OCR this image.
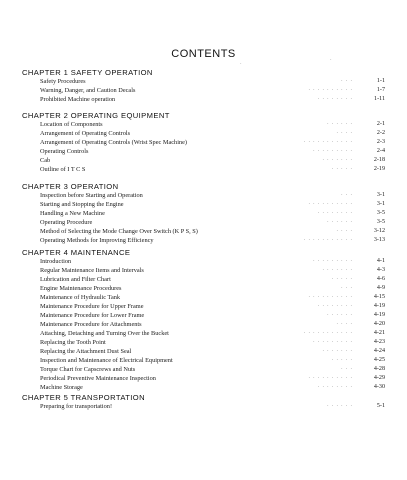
CONTENTS
·
·
CHAPTER 1 SAFETY OPERATION
Safety Procedures	1-1
···
Warning, Danger, and Caution Decals	1-7
··········
Prohibited Machine operation	1-11
········
CHAPTER 2 OPERATING EQUIPMENT
Location of Components	2-1
······
Arrangement of Operating Controls	2-2
····
Arrangement of Operating Controls (Wrist Spec Machine)	2-3
···········
Operating Controls	2-4
·········
Cab	2-18
·······
Outline of I T C S	2-19
·····
CHAPTER 3 OPERATION
Inspection before Starting and Operation	3-1
···
Starting and Stopping the Engine	3-1
··········
Handling a New Machine	3-5
········
Operating Procedure	3-5
······
Method of Selecting the Mode Change Over Switch (K P S, S)	3-12
····
Operating Methods for Improving Efficiency	3-13
···········
CHAPTER 4 MAINTENANCE
Introduction	4-1
·········
Regular Maintenance Items and Intervals	4-3
·······
Lubrication and Filter Chart	4-6
·····
Engine Maintenance Procedures	4-9
···
Maintenance of Hydraulic Tank	4-15
··········
Maintenance Procedure for Upper Frame	4-19
········
Maintenance Procedure for Lower Frame	4-19
······
Maintenance Procedure for Attachments	4-20
····
Attaching, Detaching and Turning Over the Bucket	4-21
···········
Replacing the Tooth Point	4-23
·········
Replacing the Attachment Dust Seal	4-24
·······
Inspection and Maintenance of Electrical Equipment	4-25
·····
Torque Chart for Capscrews and Nuts	4-28
···
Periodical Preventive Maintenance Inspection	4-29
··········
Machine Storage	4-30
········
CHAPTER 5 TRANSPORTATION
Preparing for transportation!	5-1
······
